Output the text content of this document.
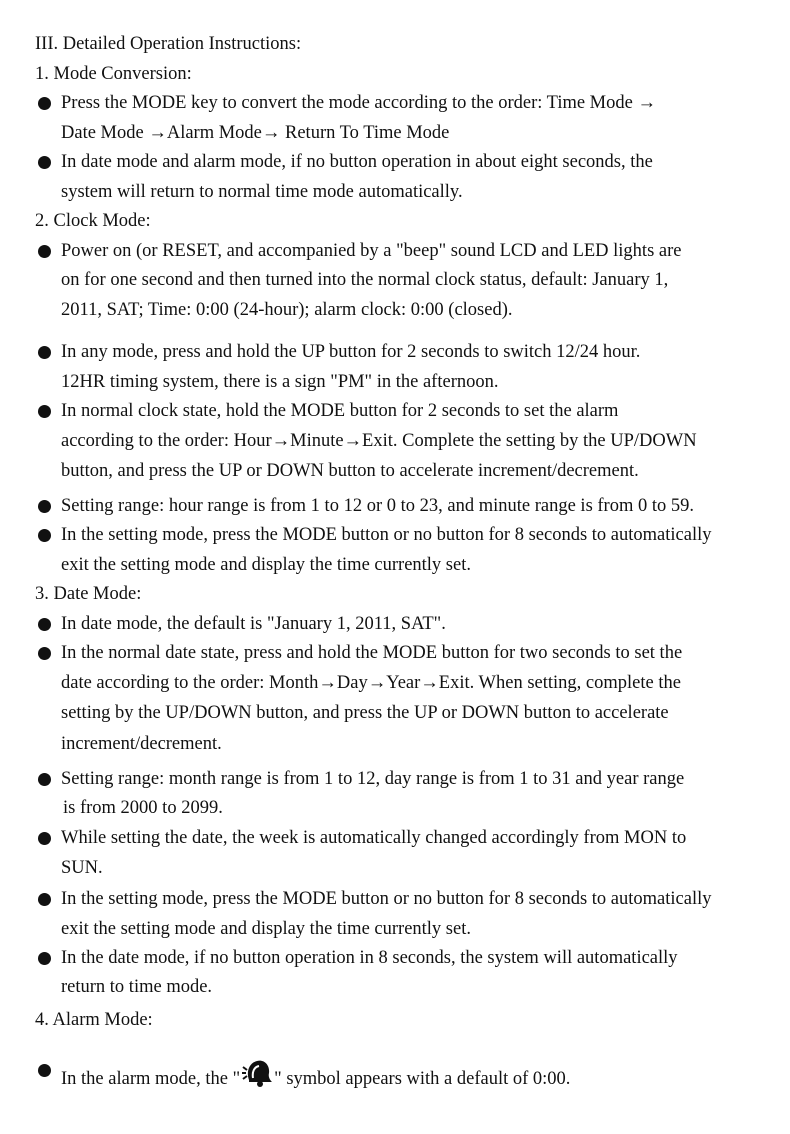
III. Detailed Operation Instructions:
1. Mode Conversion:
Press the MODE key to convert the mode according to the order: Time Mode →
Date Mode →Alarm Mode→ Return To Time Mode
In date mode and alarm mode, if no button operation in about eight seconds, the
system will return to normal time mode automatically.
2. Clock Mode:
Power on (or RESET, and accompanied by a "beep" sound LCD and LED lights are
on for one second and then turned into the normal clock status, default: January 1,
2011, SAT; Time: 0:00 (24-hour); alarm clock: 0:00 (closed).
In any mode, press and hold the UP button for 2 seconds to switch 12/24 hour.
12HR timing system, there is a sign "PM" in the afternoon.
In normal clock state, hold the MODE button for 2 seconds to set the alarm
according to the order: Hour→Minute→Exit. Complete the setting by the UP/DOWN
button, and press the UP or DOWN button to accelerate increment/decrement.
Setting range: hour range is from 1 to 12 or 0 to 23, and minute range is from 0 to 59.
In the setting mode, press the MODE button or no button for 8 seconds to automatically
exit the setting mode and display the time currently set.
3. Date Mode:
In date mode, the default is "January 1, 2011, SAT".
In the normal date state, press and hold the MODE button for two seconds to set the
date according to the order: Month→Day→Year→Exit. When setting, complete the
setting by the UP/DOWN button, and press the UP or DOWN button to accelerate
increment/decrement.
Setting range: month range is from 1 to 12, day range is from 1 to 31 and year range
is from 2000 to 2099.
While setting the date, the week is automatically changed accordingly from MON to
SUN.
In the setting mode, press the MODE button or no button for 8 seconds to automatically
exit the setting mode and display the time currently set.
In the date mode, if no button operation in 8 seconds, the system will automatically
return to time mode.
4. Alarm Mode:
In the alarm mode, the " " symbol appears with a default of 0:00.
